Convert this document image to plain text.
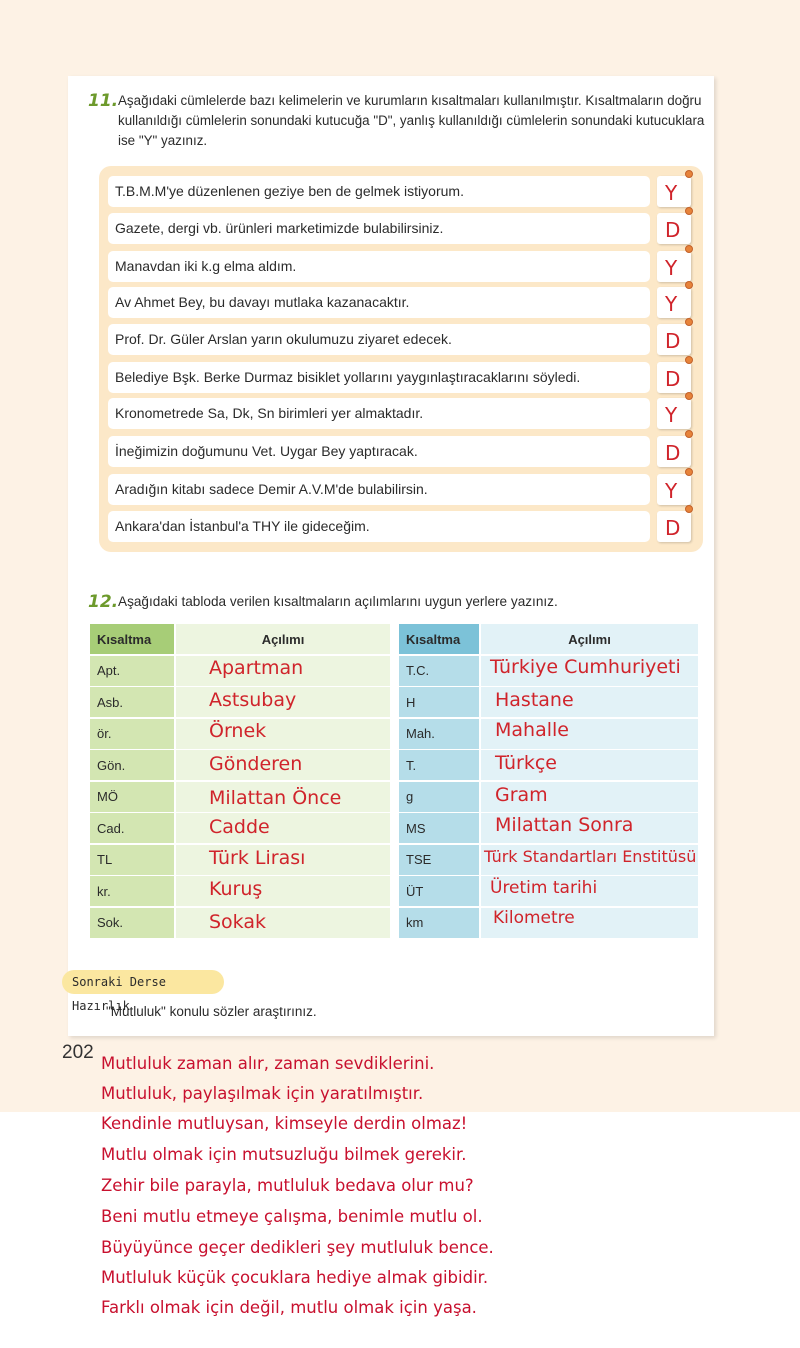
11. Aşağıdaki cümlelerde bazı kelimelerin ve kurumların kısaltmaları kullanılmıştır. Kısaltmaların doğru kullanıldığı cümlelerin sonundaki kutucuğa "D", yanlış kullanıldığı cümlelerin sonundaki kutucuklara ise "Y" yazınız.
T.B.M.M'ye düzenlenen geziye ben de gelmek istiyorum.	Y
Gazete, dergi vb. ürünleri marketimizde bulabilirsiniz.	D
Manavdan iki k.g elma aldım.	Y
Av Ahmet Bey, bu davayı mutlaka kazanacaktır.	Y
Prof. Dr. Güler Arslan yarın okulumuzu ziyaret edecek.	D
Belediye Bşk. Berke Durmaz bisiklet yollarını yaygınlaştıracaklarını söyledi.	D
Kronometrede Sa, Dk, Sn birimleri yer almaktadır.	Y
İneğimizin doğumunu Vet. Uygar Bey yaptıracak.	D
Aradığın kitabı sadece Demir A.V.M'de bulabilirsin.	Y
Ankara'dan İstanbul'a THY ile gideceğim.	D
12. Aşağıdaki tabloda verilen kısaltmaların açılımlarını uygun yerlere yazınız.
Kısaltma	Açılımı
Apt.	Apartman
Asb.	Astsubay
ör.	Örnek
Gön.	Gönderen
MÖ	Milattan Önce
Cad.	Cadde
TL	Türk Lirası
kr.	Kuruş
Sok.	Sokak
Kısaltma	Açılımı
T.C.	Türkiye Cumhuriyeti
H	Hastane
Mah.	Mahalle
T.	Türkçe
g	Gram
MS	Milattan Sonra
TSE	Türk Standartları Enstitüsü
ÜT	Üretim tarihi
km	Kilometre
Sonraki Derse Hazırlık
"Mutluluk" konulu sözler araştırınız.
202
Mutluluk zaman alır, zaman sevdiklerini.
Mutluluk, paylaşılmak için yaratılmıştır.
Kendinle mutluysan, kimseyle derdin olmaz!
Mutlu olmak için mutsuzluğu bilmek gerekir.
Zehir bile parayla, mutluluk bedava olur mu?
Beni mutlu etmeye çalışma, benimle mutlu ol.
Büyüyünce geçer dedikleri şey mutluluk bence.
Mutluluk küçük çocuklara hediye almak gibidir.
Farklı olmak için değil, mutlu olmak için yaşa.
